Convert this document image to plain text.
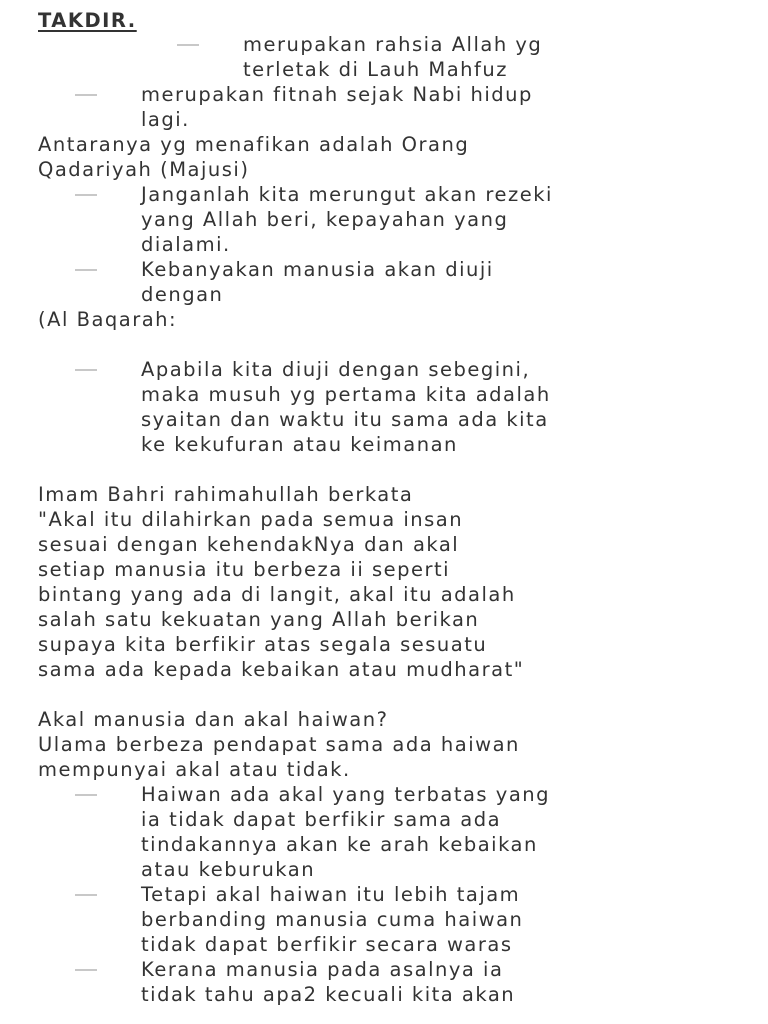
TAKDIR.
merupakan rahsia Allah yg
terletak di Lauh Mahfuz
merupakan fitnah sejak Nabi hidup
lagi.
Antaranya yg menafikan adalah Orang
Qadariyah (Majusi)
Janganlah kita merungut akan rezeki
yang Allah beri, kepayahan yang
dialami.
Kebanyakan manusia akan diuji
dengan
(Al Baqarah:
Apabila kita diuji dengan sebegini,
maka musuh yg pertama kita adalah
syaitan dan waktu itu sama ada kita
ke kekufuran atau keimanan
Imam Bahri rahimahullah berkata
"Akal itu dilahirkan pada semua insan
sesuai dengan kehendakNya dan akal
setiap manusia itu berbeza ii seperti
bintang yang ada di langit, akal itu adalah
salah satu kekuatan yang Allah berikan
supaya kita berfikir atas segala sesuatu
sama ada kepada kebaikan atau mudharat"
Akal manusia dan akal haiwan?
Ulama berbeza pendapat sama ada haiwan
mempunyai akal atau tidak.
Haiwan ada akal yang terbatas yang
ia tidak dapat berfikir sama ada
tindakannya akan ke arah kebaikan
atau keburukan
Tetapi akal haiwan itu lebih tajam
berbanding manusia cuma haiwan
tidak dapat berfikir secara waras
Kerana manusia pada asalnya ia
tidak tahu apa2 kecuali kita akan
